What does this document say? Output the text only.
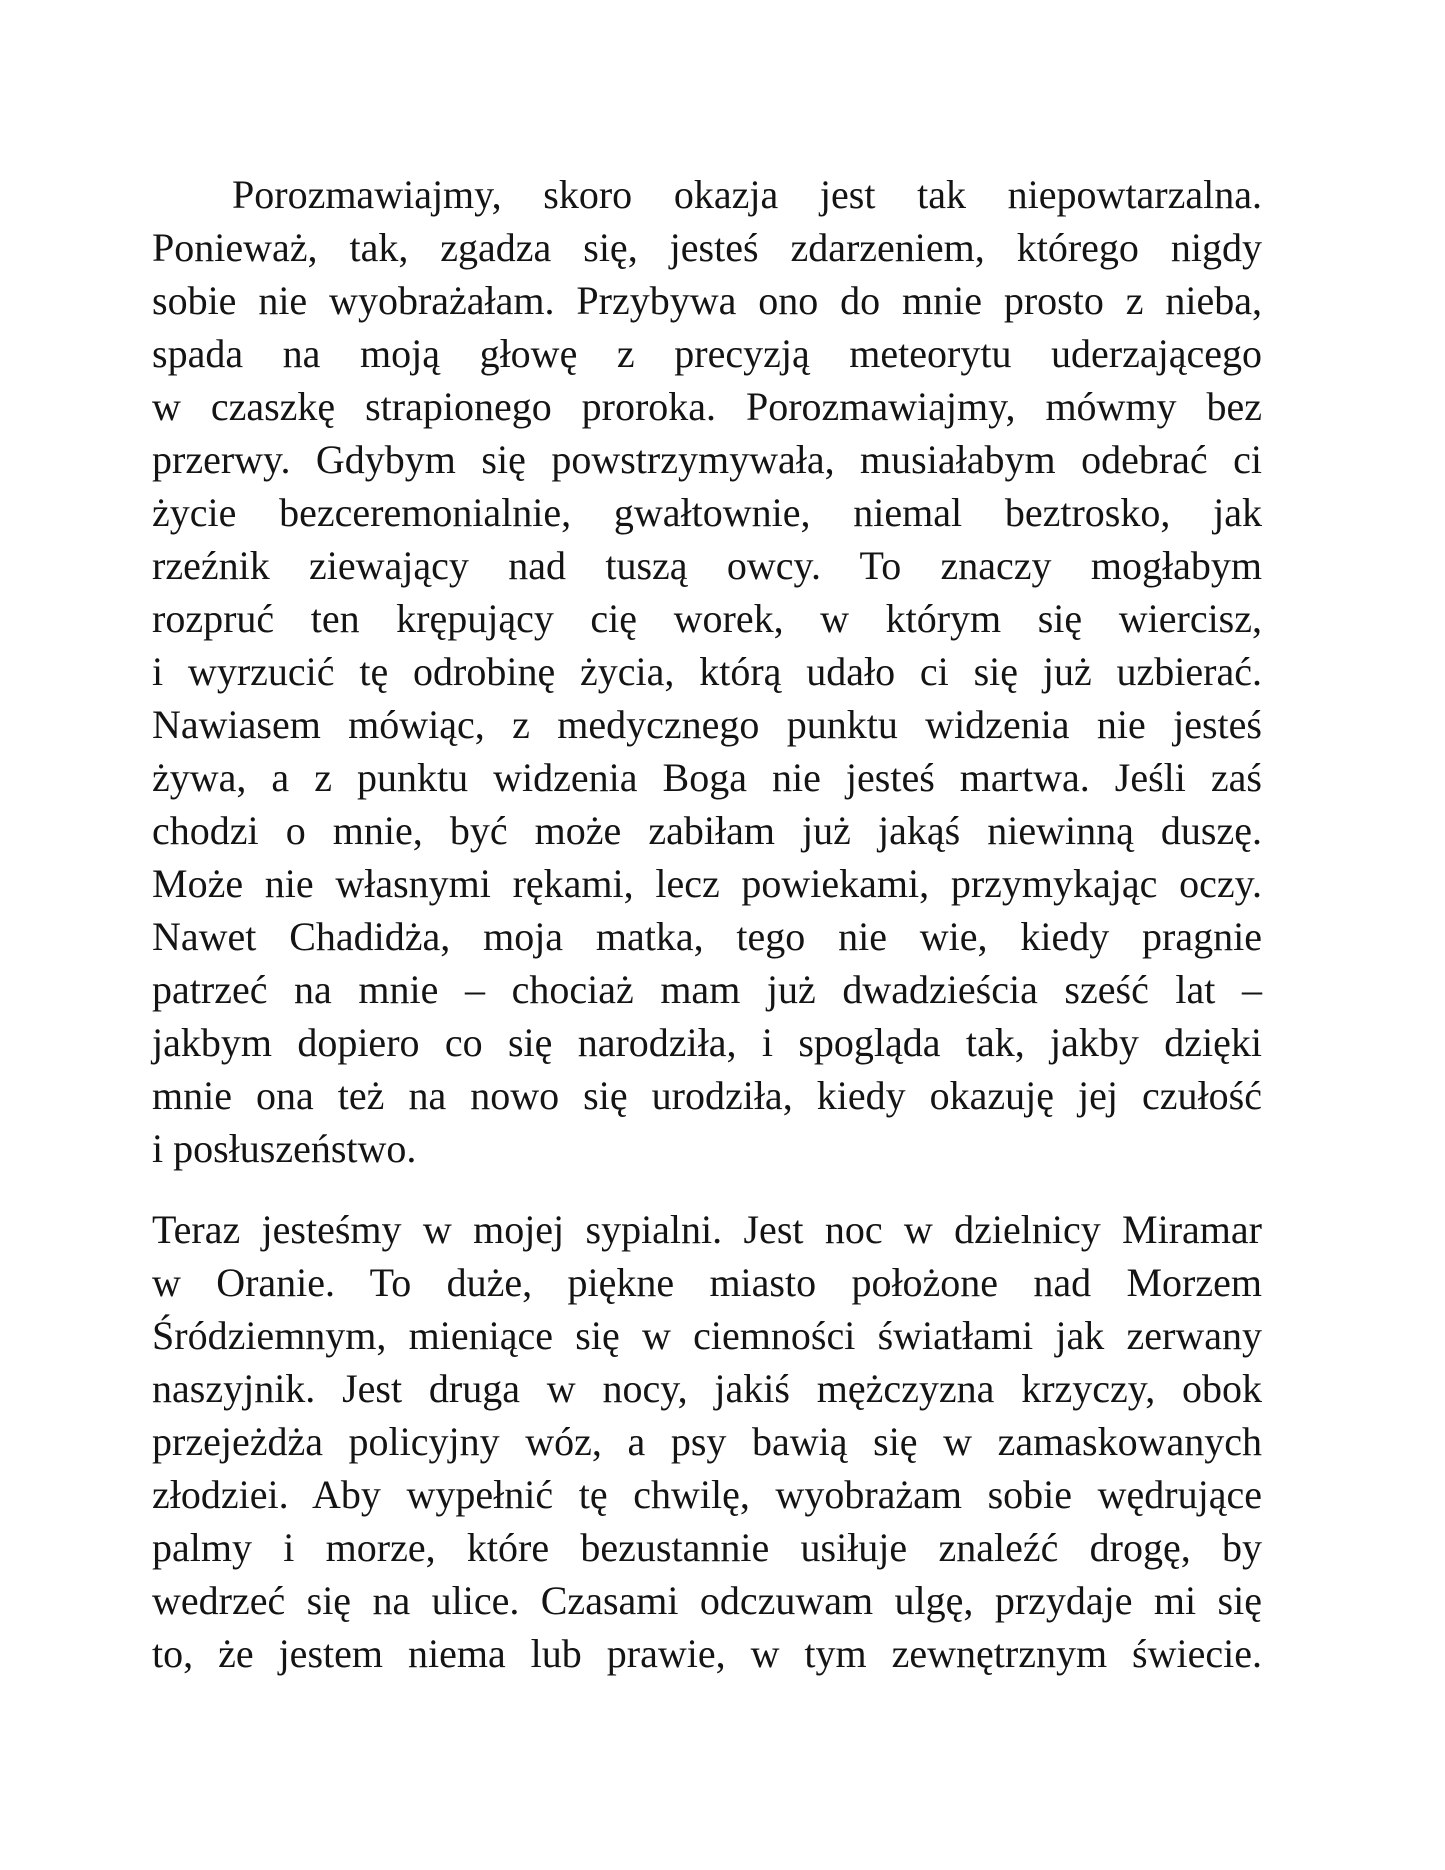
Porozmawiajmy, skoro okazja jest tak niepowtarzalna.
Ponieważ, tak, zgadza się, jesteś zdarzeniem, którego nigdy
sobie nie wyobrażałam. Przybywa ono do mnie prosto z nieba,
spada na moją głowę z precyzją meteorytu uderzającego
w czaszkę strapionego proroka. Porozmawiajmy, mówmy bez
przerwy. Gdybym się powstrzymywała, musiałabym odebrać ci
życie bezceremonialnie, gwałtownie, niemal beztrosko, jak
rzeźnik ziewający nad tuszą owcy. To znaczy mogłabym
rozpruć ten krępujący cię worek, w którym się wiercisz,
i wyrzucić tę odrobinę życia, którą udało ci się już uzbierać.
Nawiasem mówiąc, z medycznego punktu widzenia nie jesteś
żywa, a z punktu widzenia Boga nie jesteś martwa. Jeśli zaś
chodzi o mnie, być może zabiłam już jakąś niewinną duszę.
Może nie własnymi rękami, lecz powiekami, przymykając oczy.
Nawet Chadidża, moja matka, tego nie wie, kiedy pragnie
patrzeć na mnie – chociaż mam już dwadzieścia sześć lat –
jakbym dopiero co się narodziła, i spogląda tak, jakby dzięki
mnie ona też na nowo się urodziła, kiedy okazuję jej czułość
i posłuszeństwo.
Teraz jesteśmy w mojej sypialni. Jest noc w dzielnicy Miramar
w Oranie. To duże, piękne miasto położone nad Morzem
Śródziemnym, mieniące się w ciemności światłami jak zerwany
naszyjnik. Jest druga w nocy, jakiś mężczyzna krzyczy, obok
przejeżdża policyjny wóz, a psy bawią się w zamaskowanych
złodziei. Aby wypełnić tę chwilę, wyobrażam sobie wędrujące
palmy i morze, które bezustannie usiłuje znaleźć drogę, by
wedrzeć się na ulice. Czasami odczuwam ulgę, przydaje mi się
to, że jestem niema lub prawie, w tym zewnętrznym świecie.
